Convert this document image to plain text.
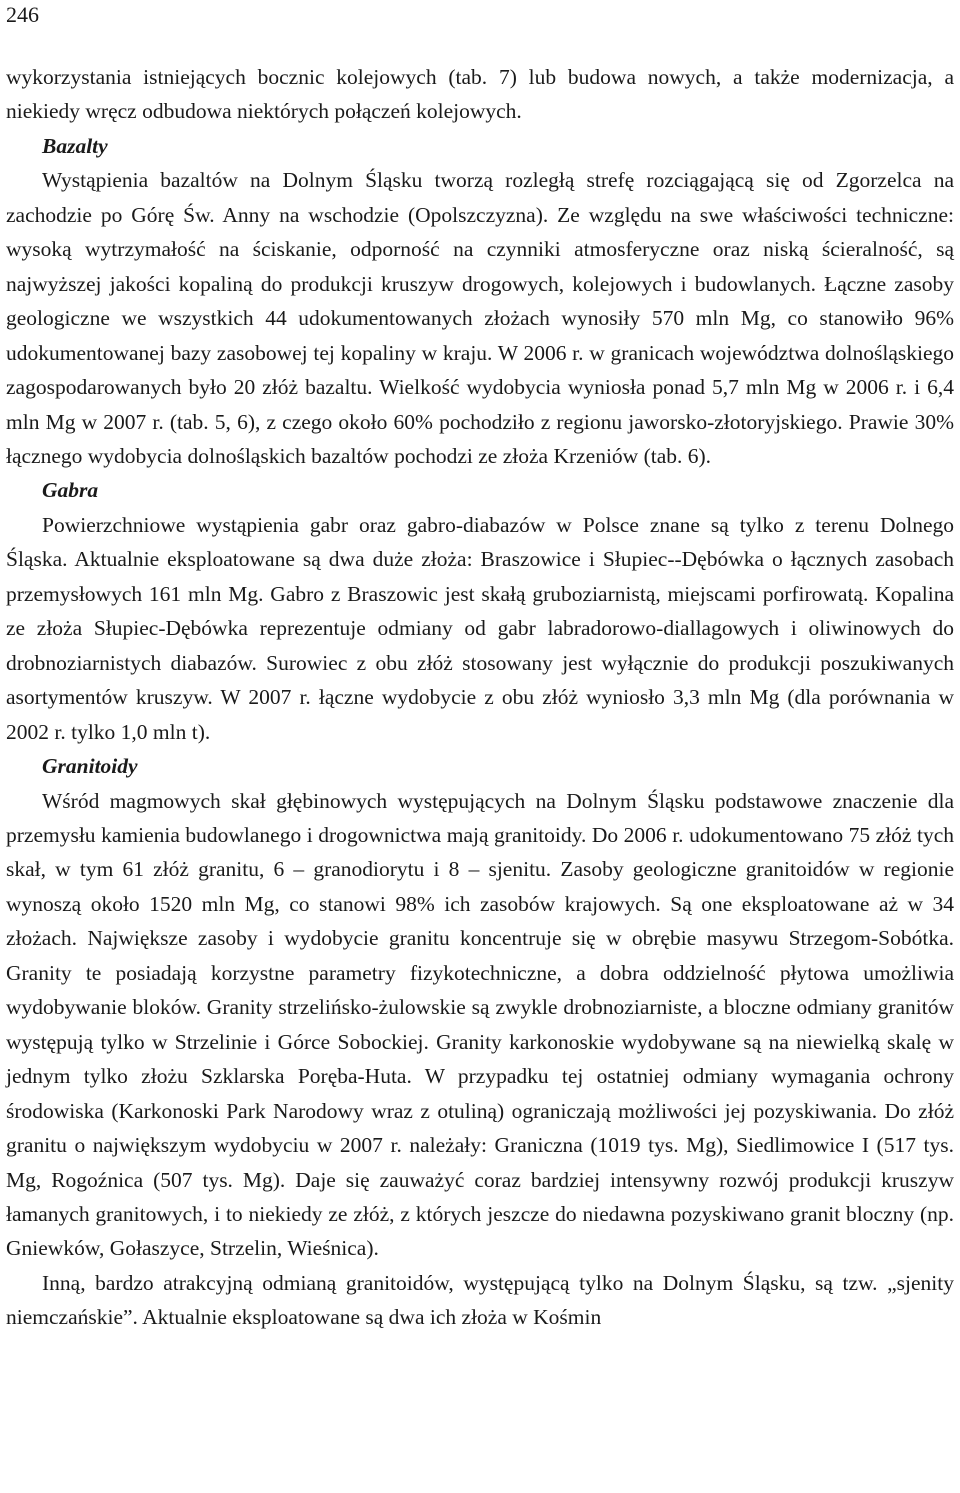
246

wykorzystania istniejących bocznic kolejowych (tab. 7) lub budowa nowych, a także modernizacja, a niekiedy wręcz odbudowa niektórych połączeń kolejowych.

Bazalty

Wystąpienia bazaltów na Dolnym Śląsku tworzą rozległą strefę rozciągającą się od Zgorzelca na zachodzie po Górę Św. Anny na wschodzie (Opolszczyzna). Ze względu na swe właściwości techniczne: wysoką wytrzymałość na ściskanie, odporność na czynniki atmosferyczne oraz niską ścieralność, są najwyższej jakości kopaliną do produkcji kruszyw drogowych, kolejowych i budowlanych. Łączne zasoby geologiczne we wszystkich 44 udokumentowanych złożach wynosiły 570 mln Mg, co stanowiło 96% udokumentowanej bazy zasobowej tej kopaliny w kraju. W 2006 r. w granicach województwa dolnośląskiego zagospodarowanych było 20 złóż bazaltu. Wielkość wydobycia wyniosła ponad 5,7 mln Mg w 2006 r. i 6,4 mln Mg w 2007 r. (tab. 5, 6), z czego około 60% pochodziło z regionu jaworsko-złotoryjskiego. Prawie 30% łącznego wydobycia dolnośląskich bazaltów pochodzi ze złoża Krzeniów (tab. 6).

Gabra

Powierzchniowe wystąpienia gabr oraz gabro-diabazów w Polsce znane są tylko z terenu Dolnego Śląska. Aktualnie eksploatowane są dwa duże złoża: Braszowice i Słupiec--Dębówka o łącznych zasobach przemysłowych 161 mln Mg. Gabro z Braszowic jest skałą gruboziarnistą, miejscami porfirowatą. Kopalina ze złoża Słupiec-Dębówka reprezentuje odmiany od gabr labradorowo-diallagowych i oliwinowych do drobnoziarnistych diabazów. Surowiec z obu złóż stosowany jest wyłącznie do produkcji poszukiwanych asortymentów kruszyw. W 2007 r. łączne wydobycie z obu złóż wyniosło 3,3 mln Mg (dla porównania w 2002 r. tylko 1,0 mln t).

Granitoidy

Wśród magmowych skał głębinowych występujących na Dolnym Śląsku podstawowe znaczenie dla przemysłu kamienia budowlanego i drogownictwa mają granitoidy. Do 2006 r. udokumentowano 75 złóż tych skał, w tym 61 złóż granitu, 6 – granodiorytu i 8 – sjenitu. Zasoby geologiczne granitoidów w regionie wynoszą około 1520 mln Mg, co stanowi 98% ich zasobów krajowych. Są one eksploatowane aż w 34 złożach. Największe zasoby i wydobycie granitu koncentruje się w obrębie masywu Strzegom-Sobótka. Granity te posiadają korzystne parametry fizykotechniczne, a dobra oddzielność płytowa umożliwia wydobywanie bloków. Granity strzelińsko-żulowskie są zwykle drobnoziarniste, a bloczne odmiany granitów występują tylko w Strzelinie i Górce Sobockiej. Granity karkonoskie wydobywane są na niewielką skalę w jednym tylko złożu Szklarska Poręba-Huta. W przypadku tej ostatniej odmiany wymagania ochrony środowiska (Karkonoski Park Narodowy wraz z otuliną) ograniczają możliwości jej pozyskiwania. Do złóż granitu o największym wydobyciu w 2007 r. należały: Graniczna (1019 tys. Mg), Siedlimowice I (517 tys. Mg, Rogoźnica (507 tys. Mg). Daje się zauważyć coraz bardziej intensywny rozwój produkcji kruszyw łamanych granitowych, i to niekiedy ze złóż, z których jeszcze do niedawna pozyskiwano granit bloczny (np. Gniewków, Gołaszyce, Strzelin, Wieśnica).

Inną, bardzo atrakcyjną odmianą granitoidów, występującą tylko na Dolnym Śląsku, są tzw. „sjenity niemczańskie”. Aktualnie eksploatowane są dwa ich złoża w Kośmin
